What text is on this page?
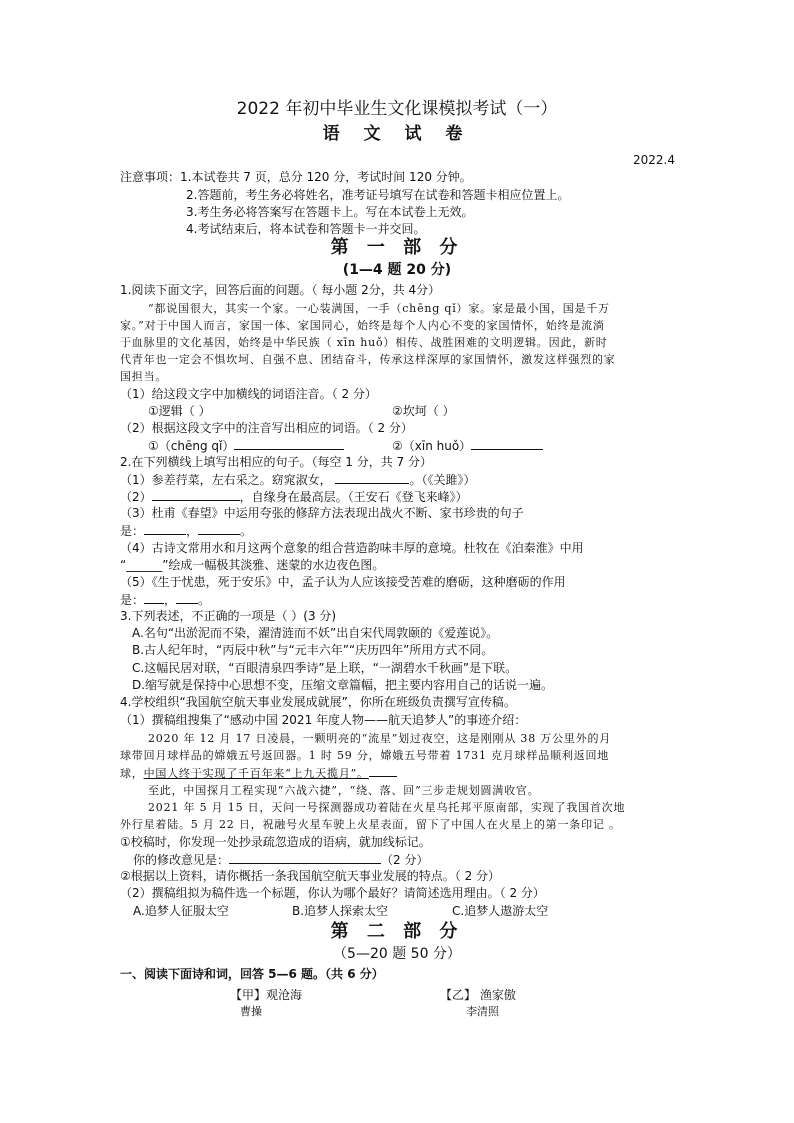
2022 年初中毕业生文化课模拟考试（一）
语 文 试 卷
2022.4
注意事项：1.本试卷共 7 页，总分 120 分，考试时间 120 分钟。
2.答题前，考生务必将姓名，准考证号填写在试卷和答题卡相应位置上。
3.考生务必将答案写在答题卡上。写在本试卷上无效。
4.考试结束后，将本试卷和答题卡一并交回。
第 一 部 分
(1—4 题 20 分)
1.阅读下面文字，回答后面的问题。（ 每小题 2分，共 4分）
“都说国很大，其实一个家。一心装满国，一手（chēng qǐ）家。家是最小国，国是千万
家。”对于中国人而言，家国一体、家国同心，始终是每个人内心不变的家国情怀，始终是流淌
于血脉里的文化基因，始终是中华民族（ xīn huǒ）相传、战胜困难的文明逻辑。因此，新时
代青年也一定会不惧坎坷、自强不息、团结奋斗，传承这样深厚的家国情怀，激发这样强烈的家
国担当。
（1）给这段文字中加横线的词语注音。（ 2 分）
①逻辑（ ）	②坎坷（ ）
（2）根据这段文字中的注音写出相应的词语。（ 2 分）
①（chēng qǐ）	②（xīn huǒ）
2.在下列横线上填写出相应的句子。（每空 1 分，共 7 分）
（1）参差荇菜，左右采之。窈窕淑女，	。（《关雎》）
（2）	，自缘身在最高层。（王安石《登飞来峰》）
（3）杜甫《春望》中运用夸张的修辞方法表现出战火不断、家书珍贵的句子
是：	，	。
（4）古诗文常用水和月这两个意象的组合营造韵味丰厚的意境。杜牧在《泊秦淮》中用
“______”绘成一幅极其淡雅、迷蒙的水边夜色图。
（5）《生于忧患，死于安乐》中，孟子认为人应该接受苦难的磨砺，这种磨砺的作用
是： ， 。
3.下列表述，不正确的一项是（ ）(3 分)
A.名句“出淤泥而不染，濯清涟而不妖”出自宋代周敦颐的《爱莲说》。
B.古人纪年时，“丙辰中秋”与“元丰六年”“庆历四年”所用方式不同。
C.这幅民居对联，“百眼清泉四季诗”是上联，“一湖碧水千秋画”是下联。
D.缩写就是保持中心思想不变，压缩文章篇幅，把主要内容用自己的话说一遍。
4.学校组织“我国航空航天事业发展成就展”，你所在班级负责撰写宣传稿。
（1）撰稿组搜集了“感动中国 2021 年度人物——航天追梦人”的事迹介绍：
2020 年 12 月 17 日凌晨，一颗明亮的“流星”划过夜空，这是刚刚从 38 万公里外的月
球带回月球样品的嫦娥五号返回器。1 时 59 分，嫦娥五号带着 1731 克月球样品顺利返回地
球，中国人终于实现了千百年来“上九天揽月”。
至此，中国探月工程实现“六战六捷”，“绕、落、回”三步走规划圆满收官。
2021 年 5 月 15 日，天问一号探测器成功着陆在火星乌托邦平原南部，实现了我国首次地
外行星着陆。5 月 22 日，祝融号火星车驶上火星表面，留下了中国人在火星上的第一条印记 。
①校稿时，你发现一处抄录疏忽造成的语病，就加线标记。
你的修改意见是：	（2 分）
②根据以上资料，请你概括一条我国航空航天事业发展的特点。（ 2 分）
（2）撰稿组拟为稿件选一个标题，你认为哪个最好？请简述选用理由。（ 2 分）
A.追梦人征服太空	B.追梦人探索太空	C.追梦人遨游太空
第 二 部 分
（5—20 题 50 分）
一、阅读下面诗和词，回答 5—6 题。（共 6 分）
【甲】观沧海
曹操
【乙】 渔家傲
李清照
